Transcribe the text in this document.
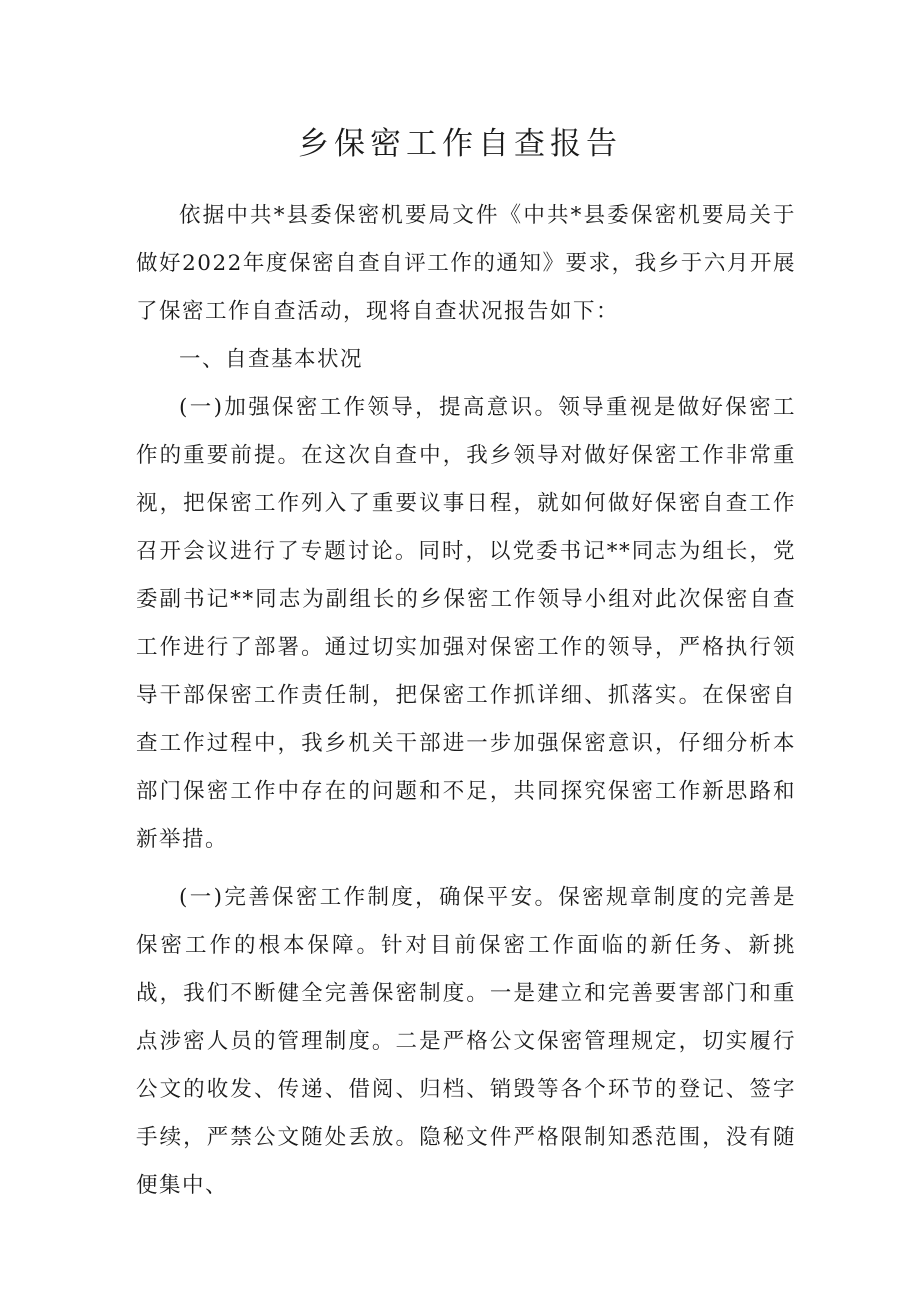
乡保密工作自查报告

依据中共*县委保密机要局文件《中共*县委保密机要局关于做好2022年度保密自查自评工作的通知》要求，我乡于六月开展了保密工作自查活动，现将自查状况报告如下：

一、自查基本状况

(一)加强保密工作领导，提高意识。领导重视是做好保密工作的重要前提。在这次自查中，我乡领导对做好保密工作非常重视，把保密工作列入了重要议事日程，就如何做好保密自查工作召开会议进行了专题讨论。同时，以党委书记**同志为组长，党委副书记**同志为副组长的乡保密工作领导小组对此次保密自查工作进行了部署。通过切实加强对保密工作的领导，严格执行领导干部保密工作责任制，把保密工作抓详细、抓落实。在保密自查工作过程中，我乡机关干部进一步加强保密意识，仔细分析本部门保密工作中存在的问题和不足，共同探究保密工作新思路和新举措。

(一)完善保密工作制度，确保平安。保密规章制度的完善是保密工作的根本保障。针对目前保密工作面临的新任务、新挑战，我们不断健全完善保密制度。一是建立和完善要害部门和重点涉密人员的管理制度。二是严格公文保密管理规定，切实履行公文的收发、传递、借阅、归档、销毁等各个环节的登记、签字手续，严禁公文随处丢放。隐秘文件严格限制知悉范围，没有随便集中、
